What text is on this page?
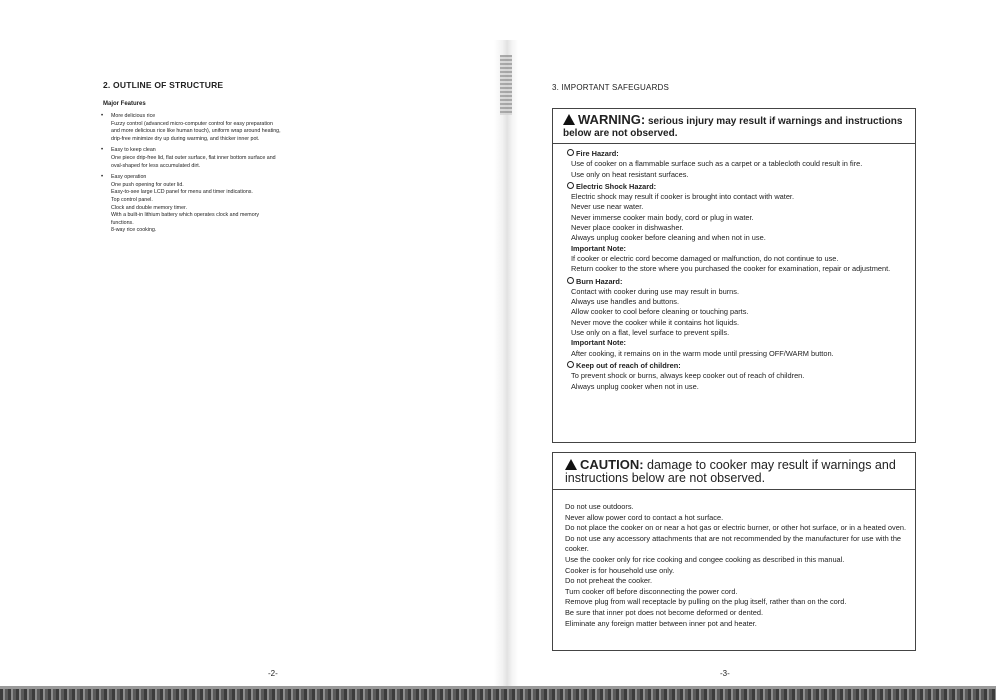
2. OUTLINE OF STRUCTURE
Major Features
• More delicious rice
Fuzzy control (advanced micro-computer control for easy preparation and more delicious rice like human touch), uniform wrap around heating, drip-free minimize dry up during warming, and thicker inner pot.
• Easy to keep clean
One piece drip-free lid, flat outer surface, flat inner bottom surface and oval-shaped for less accumulated dirt.
• Easy operation
One push opening for outer lid.
Easy-to-see large LCD panel for menu and timer indications.
Top control panel.
Clock and double memory timer.
With a built-in lithium battery which operates clock and memory functions.
8-way rice cooking.
-2-
3. IMPORTANT SAFEGUARDS
WARNING: serious injury may result if warnings and instructions below are not observed.
Fire Hazard:
Use of cooker on a flammable surface such as a carpet or a tablecloth could result in fire.
Use only on heat resistant surfaces.
Electric Shock Hazard:
Electric shock may result if cooker is brought into contact with water.
Never use near water.
Never immerse cooker main body, cord or plug in water.
Never place cooker in dishwasher.
Always unplug cooker before cleaning and when not in use.
Important Note:
If cooker or electric cord become damaged or malfunction, do not continue to use.
Return cooker to the store where you purchased the cooker for examination, repair or adjustment.
Burn Hazard:
Contact with cooker during use may result in burns.
Always use handles and buttons.
Allow cooker to cool before cleaning or touching parts.
Never move the cooker while it contains hot liquids.
Use only on a flat, level surface to prevent spills.
Important Note:
After cooking, it remains on in the warm mode until pressing OFF/WARM button.
Keep out of reach of children:
To prevent shock or burns, always keep cooker out of reach of children.
Always unplug cooker when not in use.
CAUTION: damage to cooker may result if warnings and instructions below are not observed.
Do not use outdoors.
Never allow power cord to contact a hot surface.
Do not place the cooker on or near a hot gas or electric burner, or other hot surface, or in a heated oven.
Do not use any accessory attachments that are not recommended by the manufacturer for use with the cooker.
Use the cooker only for rice cooking and congee cooking as described in this manual.
Cooker is for household use only.
Do not preheat the cooker.
Turn cooker off before disconnecting the power cord.
Remove plug from wall receptacle by pulling on the plug itself, rather than on the cord.
Be sure that inner pot does not become deformed or dented.
Eliminate any foreign matter between inner pot and heater.
-3-
